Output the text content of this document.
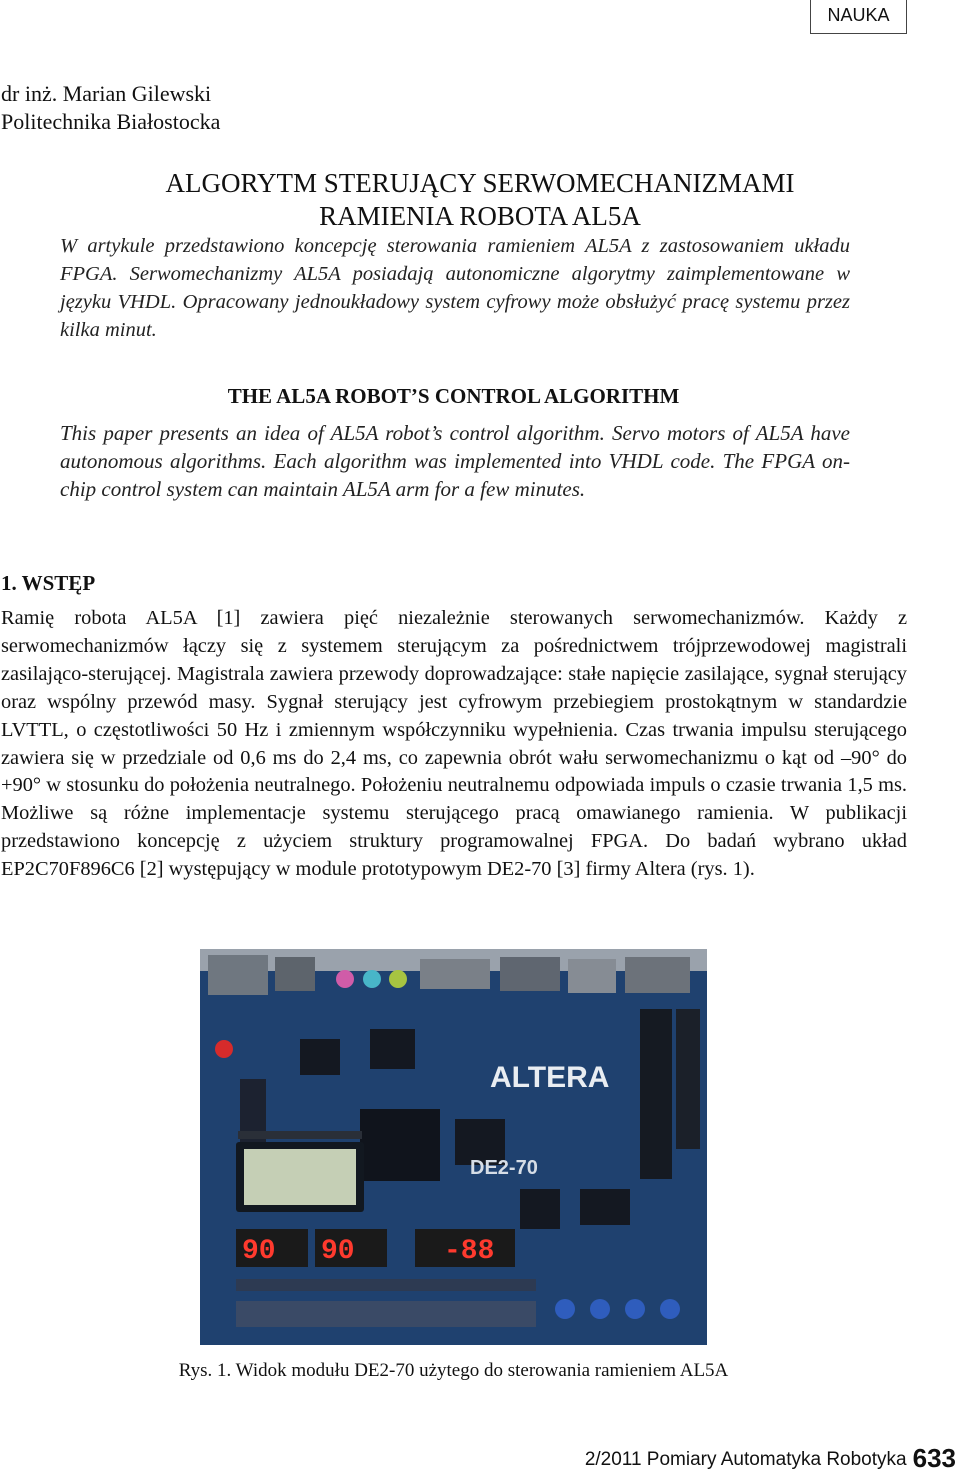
NAUKA
dr inż. Marian Gilewski
Politechnika Białostocka
ALGORYTM STERUJĄCY SERWOMECHANIZMAMI
RAMIENIA ROBOTA AL5A
W artykule przedstawiono koncepcję sterowania ramieniem AL5A z zastosowaniem układu FPGA. Serwomechanizmy AL5A posiadają autonomiczne algorytmy zaimplementowane w języku VHDL. Opracowany jednoukładowy system cyfrowy może obsłużyć pracę systemu przez kilka minut.
THE AL5A ROBOT’S CONTROL ALGORITHM
This paper presents an idea of AL5A robot’s control algorithm. Servo motors of AL5A have autonomous algorithms. Each algorithm was implemented into VHDL code. The FPGA on-chip control system can maintain AL5A arm for a few minutes.
1. WSTĘP
Ramię robota AL5A [1] zawiera pięć niezależnie sterowanych serwomechanizmów. Każdy z serwomechanizmów łączy się z systemem sterującym za pośrednictwem trójprzewodowej magistrali zasilająco-sterującej. Magistrala zawiera przewody doprowadzające: stałe napięcie zasilające, sygnał sterujący oraz wspólny przewód masy. Sygnał sterujący jest cyfrowym przebiegiem prostokątnym w standardzie LVTTL, o częstotliwości 50 Hz i zmiennym współczynniku wypełnienia. Czas trwania impulsu sterującego zawiera się w przedziale od 0,6 ms do 2,4 ms, co zapewnia obrót wału serwomechanizmu o kąt od –90° do +90° w stosunku do położenia neutralnego. Położeniu neutralnemu odpowiada impuls o czasie trwania 1,5 ms. Możliwe są różne implementacje systemu sterującego pracą omawianego ramienia. W publikacji przedstawiono koncepcję z użyciem struktury programowalnej FPGA. Do badań wybrano układ EP2C70F896C6 [2] występujący w module prototypowym DE2-70 [3] firmy Altera (rys. 1).
ALTERA
DE2-70
90 90	-88
Rys. 1. Widok modułu DE2-70 użytego do sterowania ramieniem AL5A
2/2011 Pomiary Automatyka Robotyka 633
